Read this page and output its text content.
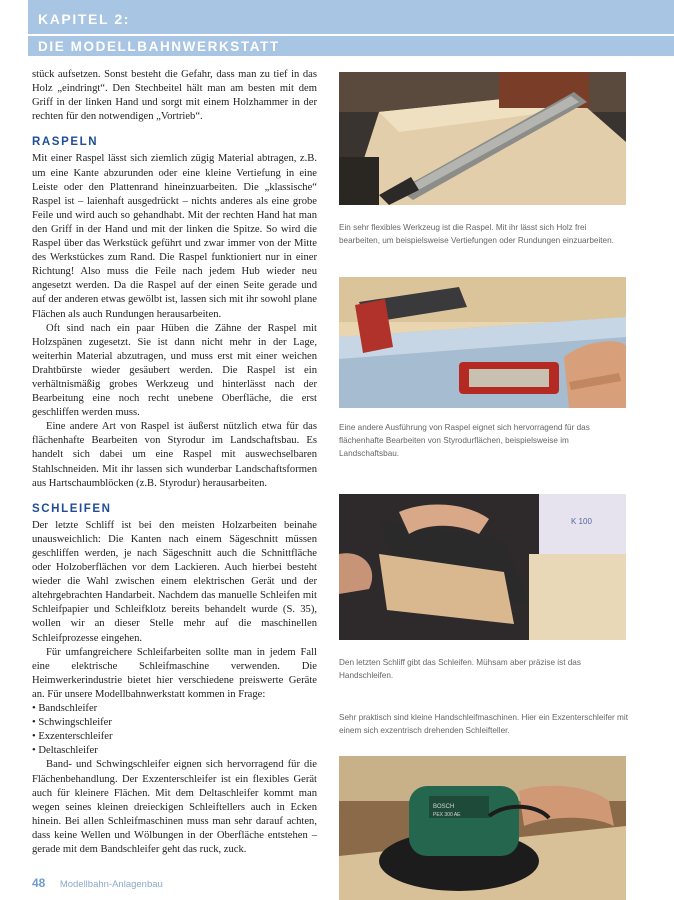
KAPITEL 2:
DIE MODELLBAHNWERKSTATT

stück aufsetzen. Sonst besteht die Gefahr, dass man zu tief in das Holz „eindringt“. Den Stechbeitel hält man am besten mit dem Griff in der linken Hand und sorgt mit einem Holzhammer in der rechten für den notwendigen „Vortrieb“.

RASPELN

Mit einer Raspel lässt sich ziemlich zügig Material abtragen, z.B. um eine Kante abzurunden oder eine kleine Vertiefung in eine Leiste oder den Plattenrand hineinzuarbeiten. Die „klassische“ Raspel ist – laienhaft ausgedrückt – nichts anderes als eine grobe Feile und wird auch so gehandhabt. Mit der rechten Hand hat man den Griff in der Hand und mit der linken die Spitze. So wird die Raspel über das Werkstück geführt und zwar immer von der Mitte des Werkstückes zum Rand. Die Raspel funktioniert nur in einer Richtung! Also muss die Feile nach jedem Hub wieder neu angesetzt werden. Da die Raspel auf der einen Seite gerade und auf der anderen etwas gewölbt ist, lassen sich mit ihr sowohl plane Flächen als auch Rundungen herausarbeiten.

Oft sind nach ein paar Hüben die Zähne der Raspel mit Holzspänen zugesetzt. Sie ist dann nicht mehr in der Lage, weiterhin Material abzutragen, und muss erst mit einer weichen Drahtbürste wieder gesäubert werden. Die Raspel ist ein verhältnismäßig grobes Werkzeug und hinterlässt nach der Bearbeitung eine noch recht unebene Oberfläche, die erst geschliffen werden muss.

Eine andere Art von Raspel ist äußerst nützlich etwa für das flächenhafte Bearbeiten von Styrodur im Landschaftsbau. Es handelt sich dabei um eine Raspel mit auswechselbaren Stahlschneiden. Mit ihr lassen sich wunderbar Landschaftsformen aus Hartschaumblöcken (z.B. Styrodur) herausarbeiten.

SCHLEIFEN

Der letzte Schliff ist bei den meisten Holzarbeiten beinahe unausweichlich: Die Kanten nach einem Sägeschnitt müssen geschliffen werden, je nach Sägeschnitt auch die Schnittfläche oder Holzoberflächen vor dem Lackieren. Auch hierbei besteht wieder die Wahl zwischen einem elektrischen Gerät und der altehrgebrachten Handarbeit. Nachdem das manuelle Schleifen mit Schleifpapier und Schleifklotz bereits behandelt wurde (S. 35), wollen wir an dieser Stelle mehr auf die maschinellen Schleifprozesse eingehen.

Für umfangreichere Schleifarbeiten sollte man in jedem Fall eine elektrische Schleifmaschine verwenden. Die Heimwerkerindustrie bietet hier verschiedene preiswerte Geräte an. Für unsere Modellbahnwerkstatt kommen in Frage:

• Bandschleifer
• Schwingschleifer
• Exzenterschleifer
• Deltaschleifer

Band- und Schwingschleifer eignen sich hervorragend für die Flächenbehandlung. Der Exzenterschleifer ist ein flexibles Gerät auch für kleinere Flächen. Mit dem Deltaschleifer kommt man wegen seines kleinen dreieckigen Schleiftellers auch in Ecken hinein. Bei allen Schleifmaschinen muss man sehr darauf achten, dass keine Wellen und Wölbungen in der Oberfläche entstehen – gerade mit dem Bandschleifer geht das ruck, zuck.

Ein sehr flexibles Werkzeug ist die Raspel. Mit ihr lässt sich Holz frei bearbeiten, um beispielsweise Vertiefungen oder Rundungen einzuarbeiten.
Eine andere Ausführung von Raspel eignet sich hervorragend für das flächenhafte Bearbeiten von Styrodurflächen, beispielsweise im Landschaftsbau.
K 100
Den letzten Schliff gibt das Schleifen. Mühsam aber präzise ist das Handschleifen.
Sehr praktisch sind kleine Handschleifmaschinen. Hier ein Exzenterschleifer mit einem sich exzentrisch drehenden Schleifteller.
BOSCH
PEX 300 AE
48 Modellbahn-Anlagenbau
